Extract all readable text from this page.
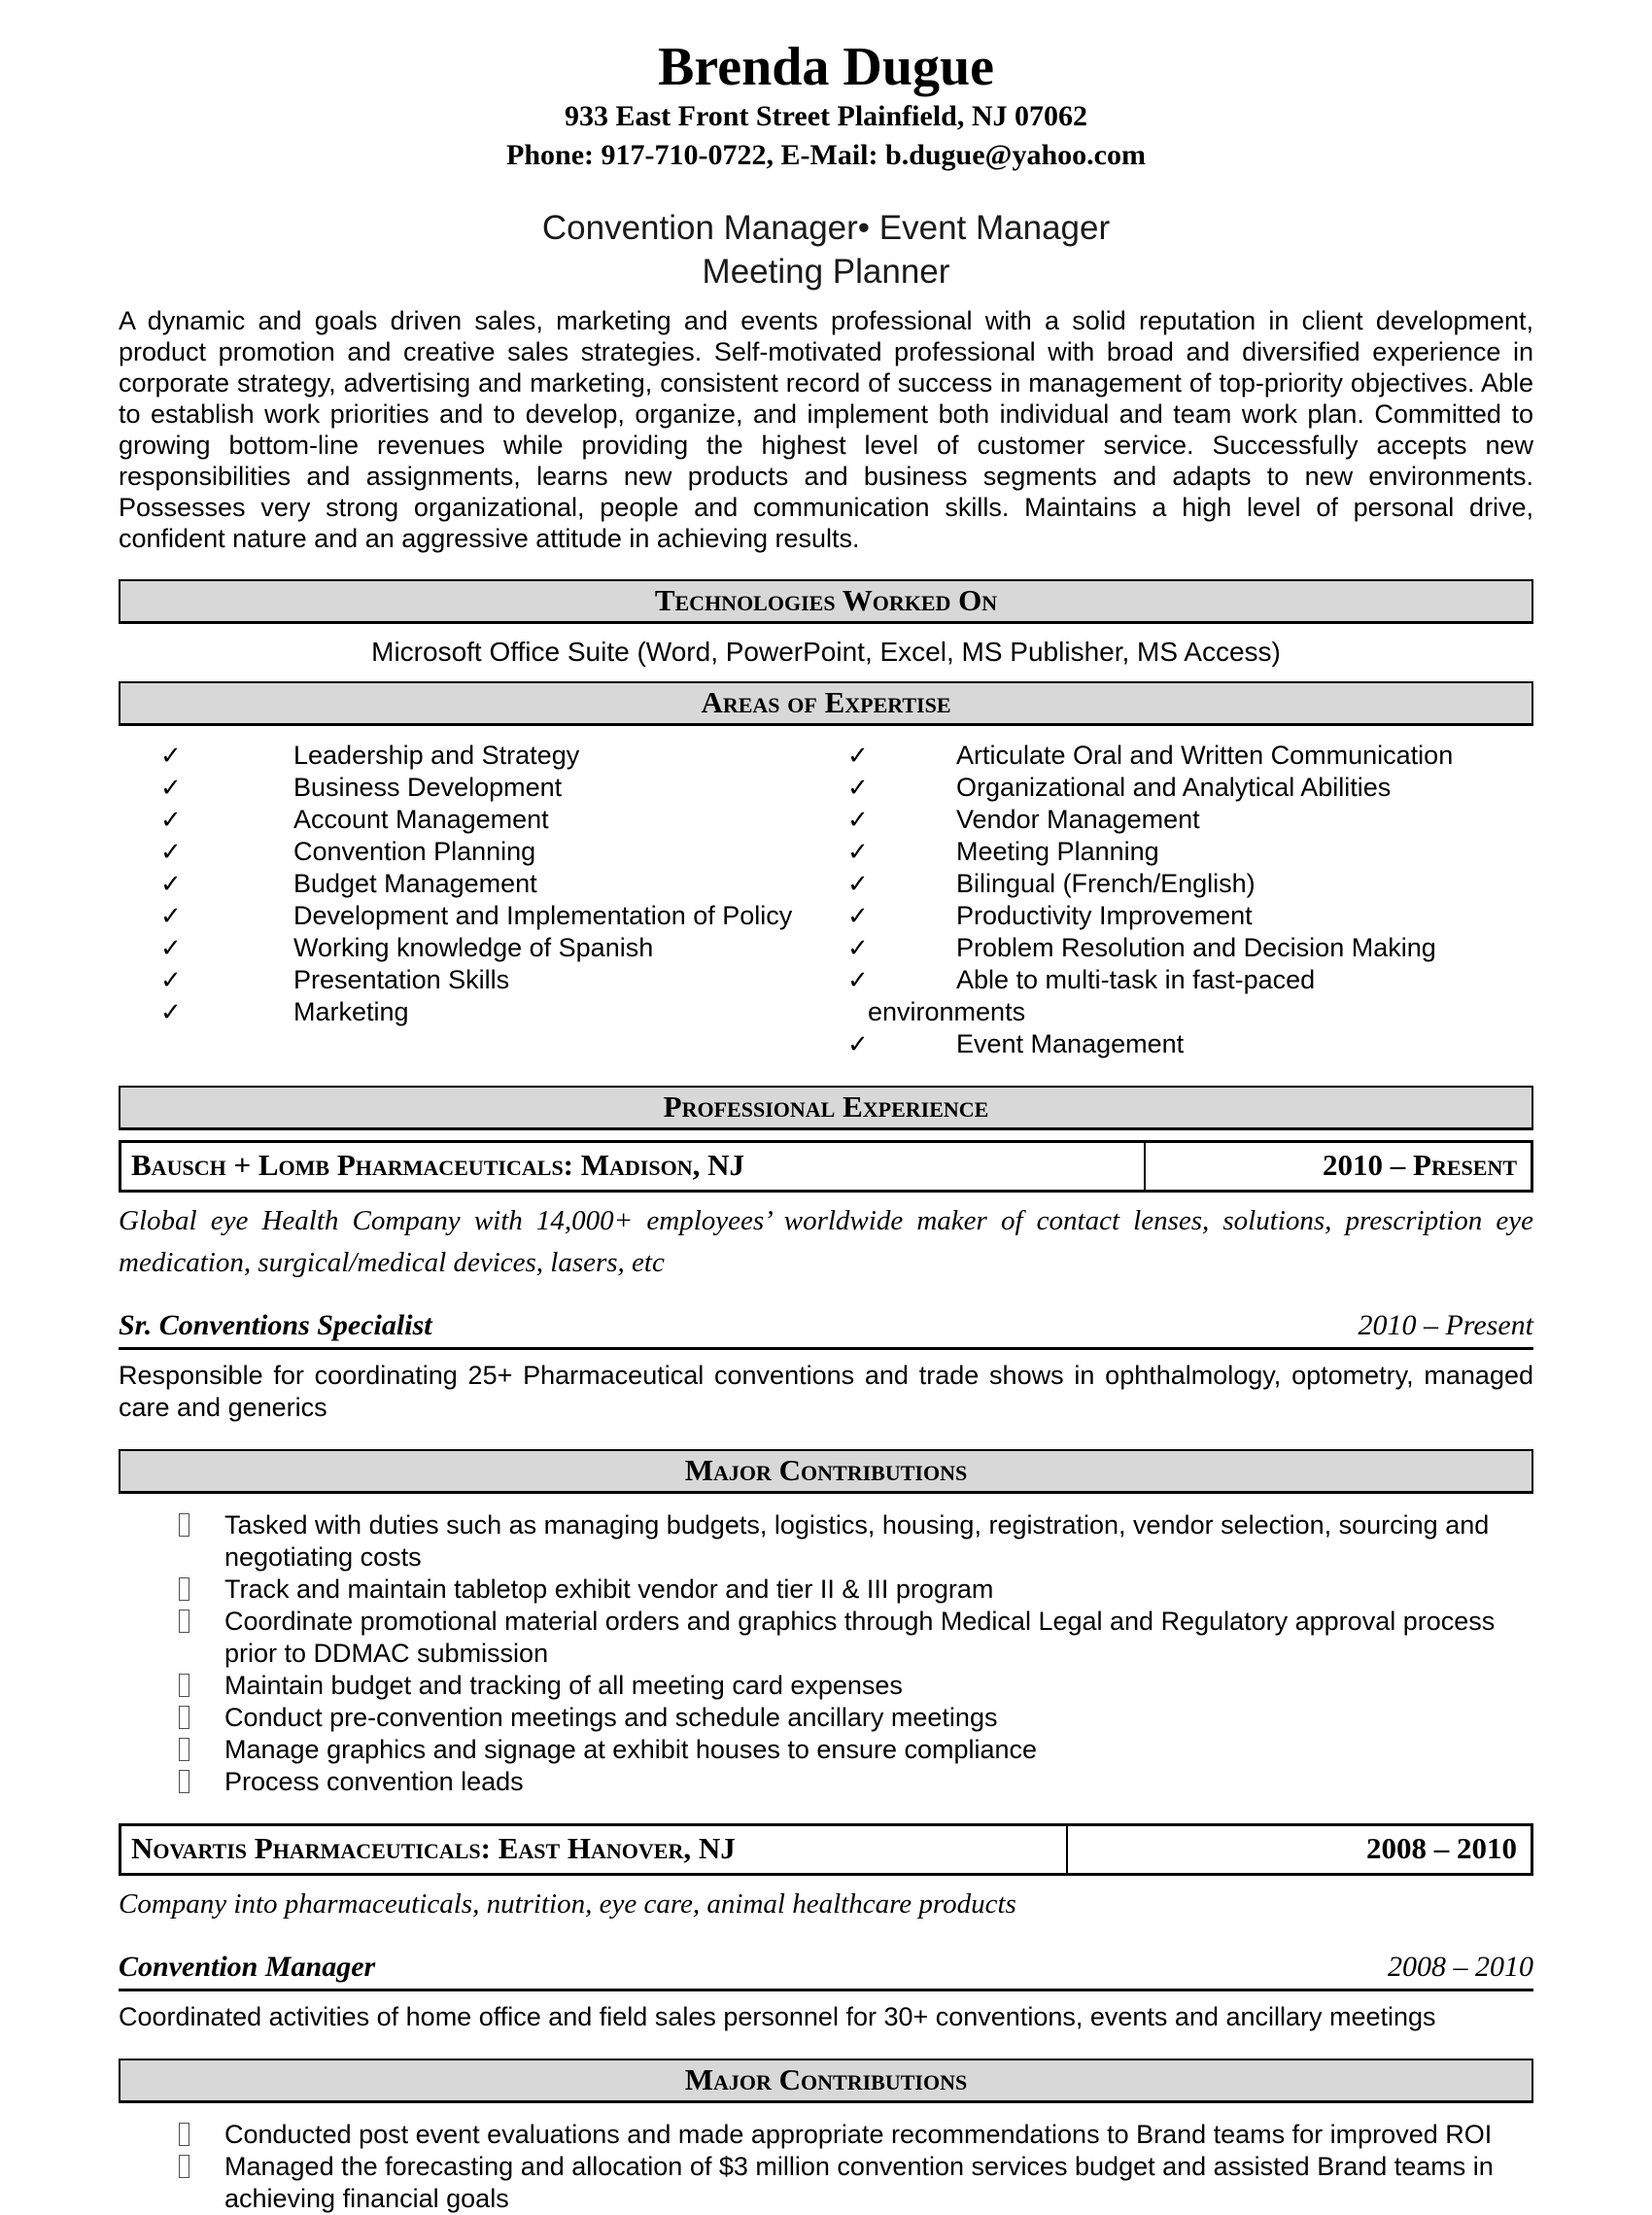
Brenda Dugue
933 East Front Street Plainfield, NJ 07062
Phone: 917-710-0722, E-Mail: b.dugue@yahoo.com
Convention Manager• Event Manager
Meeting Planner

A dynamic and goals driven sales, marketing and events professional with a solid reputation in client development, product promotion and creative sales strategies. Self-motivated professional with broad and diversified experience in corporate strategy, advertising and marketing, consistent record of success in management of top-priority objectives. Able to establish work priorities and to develop, organize, and implement both individual and team work plan. Committed to growing bottom-line revenues while providing the highest level of customer service. Successfully accepts new responsibilities and assignments, learns new products and business segments and adapts to new environments. Possesses very strong organizational, people and communication skills. Maintains a high level of personal drive, confident nature and an aggressive attitude in achieving results.

Technologies Worked On
Microsoft Office Suite (Word, PowerPoint, Excel, MS Publisher, MS Access)
Areas of Expertise
✓	Leadership and Strategy
✓	Business Development
✓	Account Management
✓	Convention Planning
✓	Budget Management
✓	Development and Implementation of Policy
✓	Working knowledge of Spanish
✓	Presentation Skills
✓	Marketing
✓	Articulate Oral and Written Communication
✓	Organizational and Analytical Abilities
✓	Vendor Management
✓	Meeting Planning
✓	Bilingual (French/English)
✓	Productivity Improvement
✓	Problem Resolution and Decision Making
✓	Able to multi-task in fast-paced
environments
✓	Event Management
Professional Experience
Bausch + Lomb Pharmaceuticals: Madison, NJ	2010 – Present
Global eye Health Company with 14,000+ employees’ worldwide maker of contact lenses, solutions, prescription eye medication, surgical/medical devices, lasers, etc
Sr. Conventions Specialist	2010 – Present

Responsible for coordinating 25+ Pharmaceutical conventions and trade shows in ophthalmology, optometry, managed care and generics

Major Contributions
Tasked with duties such as managing budgets, logistics, housing, registration, vendor selection, sourcing and negotiating costs
Track and maintain tabletop exhibit vendor and tier II & III program
Coordinate promotional material orders and graphics through Medical Legal and Regulatory approval process prior to DDMAC submission
Maintain budget and tracking of all meeting card expenses
Conduct pre-convention meetings and schedule ancillary meetings
Manage graphics and signage at exhibit houses to ensure compliance
Process convention leads
Novartis Pharmaceuticals: East Hanover, NJ	2008 – 2010
Company into pharmaceuticals, nutrition, eye care, animal healthcare products
Convention Manager	2008 – 2010

Coordinated activities of home office and field sales personnel for 30+ conventions, events and ancillary meetings

Major Contributions
Conducted post event evaluations and made appropriate recommendations to Brand teams for improved ROI
Managed the forecasting and allocation of $3 million convention services budget and assisted Brand teams in achieving financial goals
